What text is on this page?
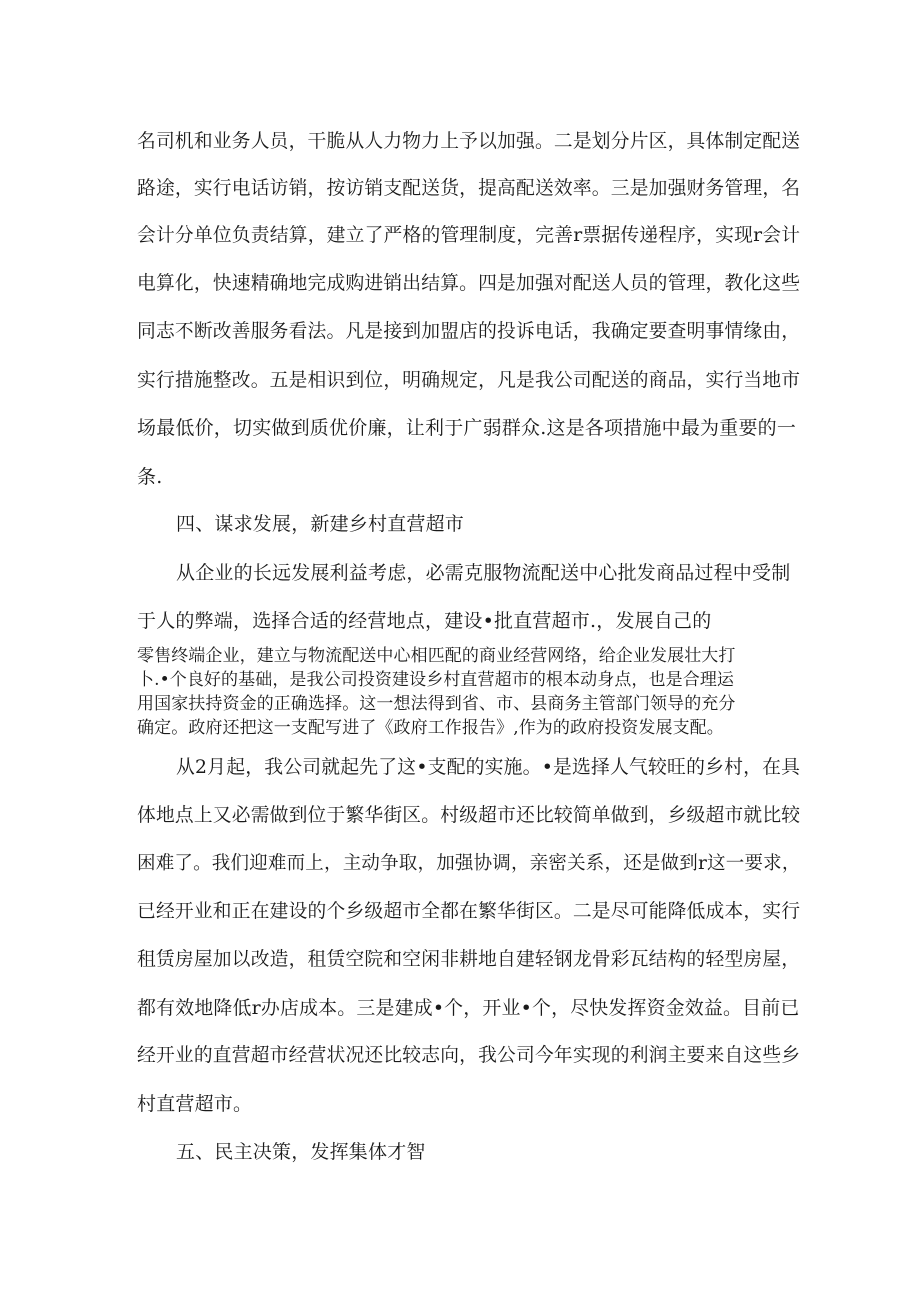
名司机和业务人员，干脆从人力物力上予以加强。二是划分片区，具体制定配送
路途，实行电话访销，按访销支配送货，提高配送效率。三是加强财务管理，名
会计分单位负责结算，建立了严格的管理制度，完善r票据传递程序，实现r会计
电算化，快速精确地完成购进销出结算。四是加强对配送人员的管理，教化这些
同志不断改善服务看法。凡是接到加盟店的投诉电话，我确定要查明事情缘由，
实行措施整改。五是相识到位，明确规定，凡是我公司配送的商品，实行当地市
场最低价，切实做到质优价廉，让利于广弱群众.这是各项措施中最为重要的一
条.
四、谋求发展，新建乡村直营超市
从企业的长远发展利益考虑，必需克服物流配送中心批发商品过程中受制
于人的弊端，选择合适的经营地点，建设•批直营超市.，发展自己的
零售终端企业，建立与物流配送中心相匹配的商业经营网络，给企业发展壮大打
卜.•个良好的基础，是我公司投资建设乡村直营超市的根本动身点，也是合理运
用国家扶持资金的正确选择。这一想法得到省、市、县商务主管部门领导的充分
确定。政府还把这一支配写进了《政府工作报告》,作为的政府投资发展支配。
从2月起，我公司就起先了这•支配的实施。•是选择人气较旺的乡村，在具
体地点上又必需做到位于繁华街区。村级超市还比较简单做到，乡级超市就比较
困难了。我们迎难而上，主动争取，加强协调，亲密关系，还是做到r这一要求，
已经开业和正在建设的个乡级超市全都在繁华街区。二是尽可能降低成本，实行
租赁房屋加以改造，租赁空院和空闲非耕地自建轻钢龙骨彩瓦结构的轻型房屋，
都有效地降低r办店成本。三是建成•个，开业•个，尽快发挥资金效益。目前已
经开业的直营超市经营状况还比较志向，我公司今年实现的利润主要来自这些乡
村直营超市。
五、民主决策，发挥集体才智
